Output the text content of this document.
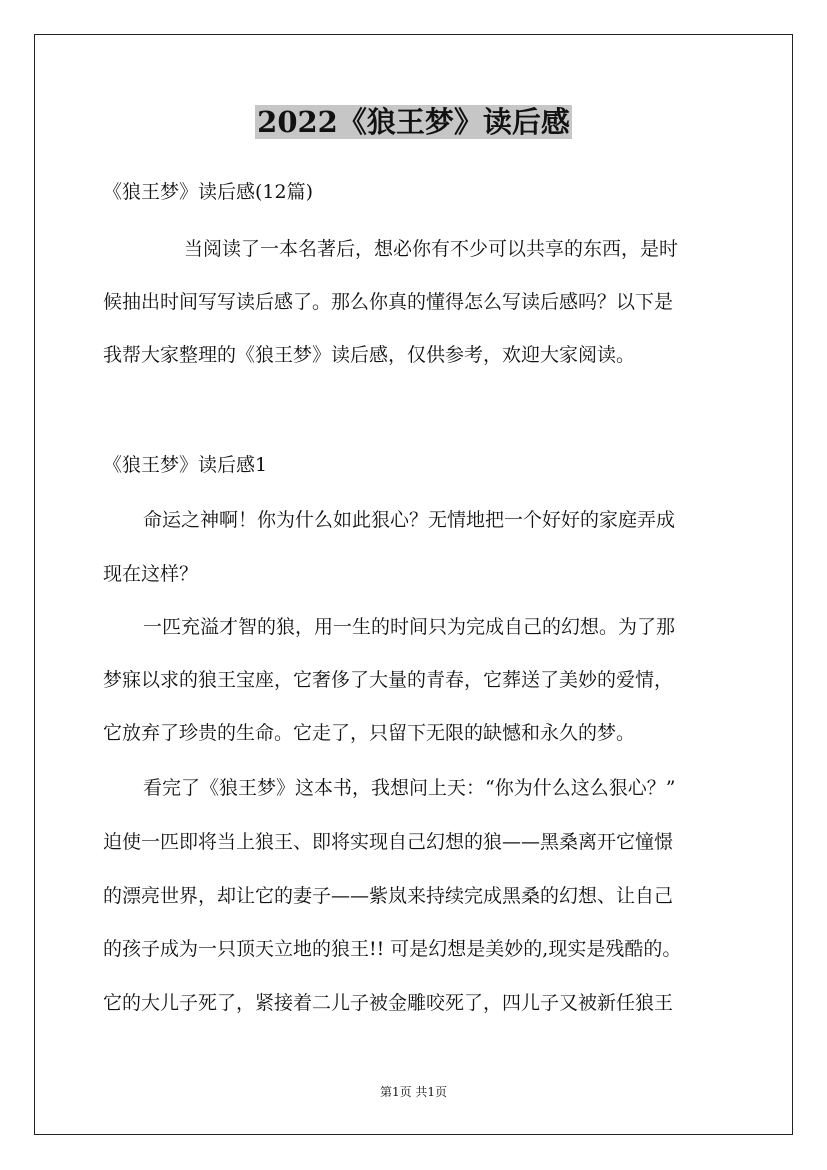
2022《狼王梦》读后感
《狼王梦》读后感(12篇)
当阅读了一本名著后，想必你有不少可以共享的东西，是时
候抽出时间写写读后感了。那么你真的懂得怎么写读后感吗？以下是
我帮大家整理的《狼王梦》读后感，仅供参考，欢迎大家阅读。
《狼王梦》读后感1
命运之神啊！你为什么如此狠心？无情地把一个好好的家庭弄成
现在这样？
一匹充溢才智的狼，用一生的时间只为完成自己的幻想。为了那
梦寐以求的狼王宝座，它奢侈了大量的青春，它葬送了美妙的爱情，
它放弃了珍贵的生命。它走了，只留下无限的缺憾和永久的梦。
看完了《狼王梦》这本书，我想问上天：“你为什么这么狠心？”
迫使一匹即将当上狼王、即将实现自己幻想的狼——黑桑离开它憧憬
的漂亮世界，却让它的妻子——紫岚来持续完成黑桑的幻想、让自己
的孩子成为一只顶天立地的狼王!! 可是幻想是美妙的,现实是残酷的。
它的大儿子死了，紧接着二儿子被金雕咬死了，四儿子又被新任狼王
第1页 共1页
